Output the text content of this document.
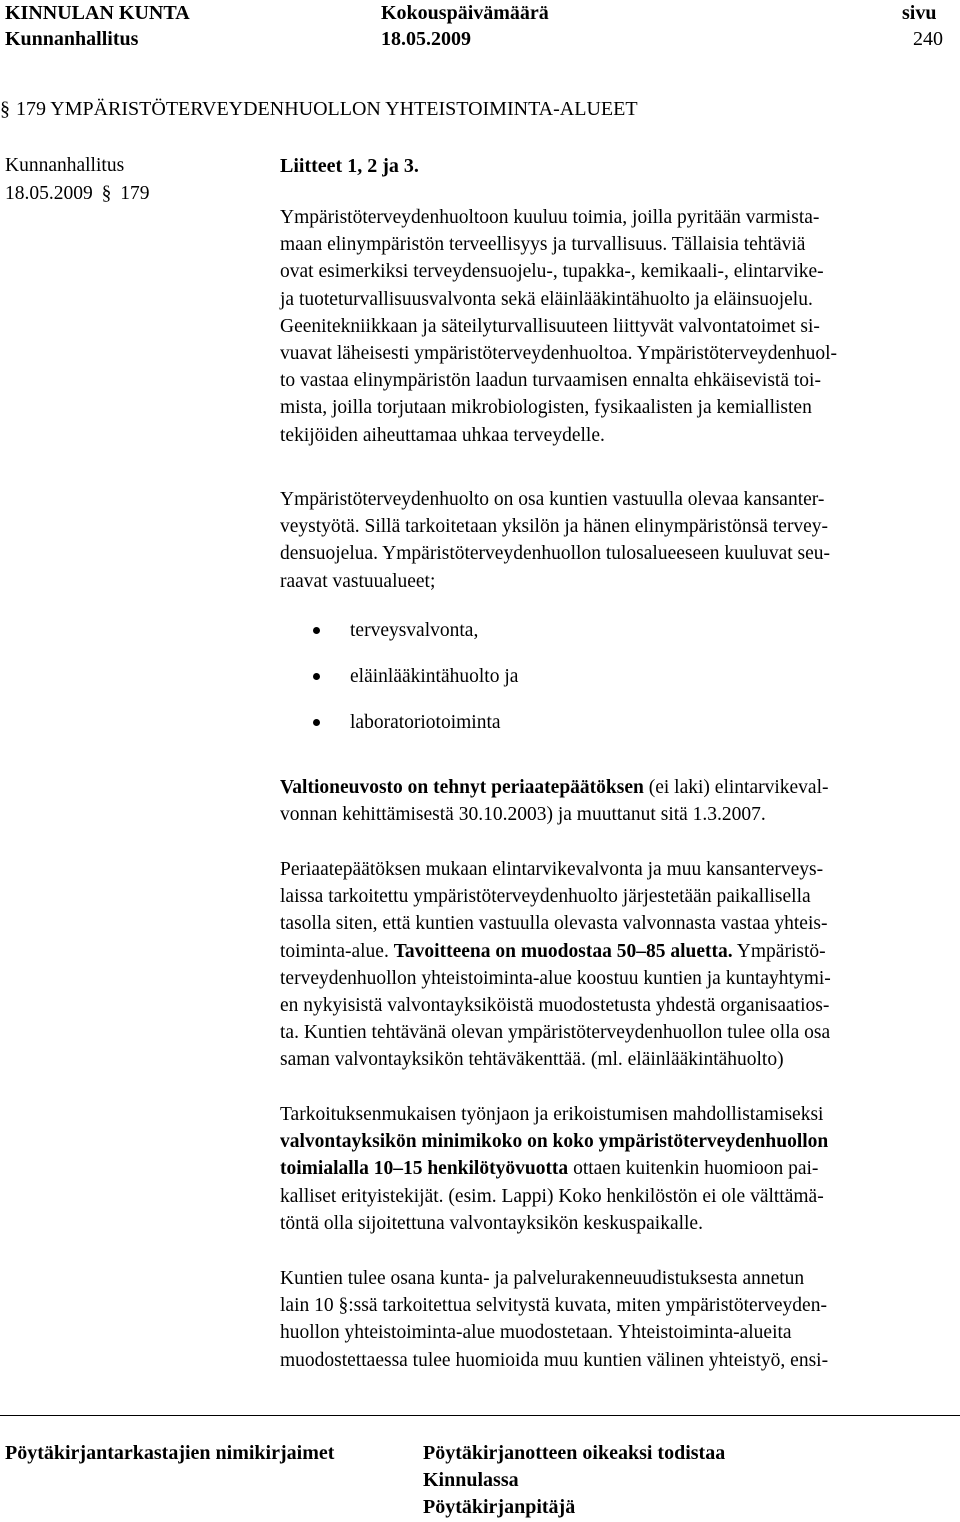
KINNULAN KUNTA
Kunnanhallitus
Kokouspäivämäärä
18.05.2009
sivu
240
§ 179 YMPÄRISTÖTERVEYDENHUOLLON YHTEISTOIMINTA-ALUEET
Kunnanhallitus
18.05.2009 § 179
Liitteet 1, 2 ja 3.
Ympäristöterveydenhuoltoon kuuluu toimia, joilla pyritään varmista-
maan elinympäristön terveellisyys ja turvallisuus. Tällaisia tehtäviä
ovat esimerkiksi terveydensuojelu-, tupakka-, kemikaali-, elintarvike-
ja tuoteturvallisuusvalvonta sekä eläinlääkintähuolto ja eläinsuojelu.
Geenitekniikkaan ja säteilyturvallisuuteen liittyvät valvontatoimet si-
vuavat läheisesti ympäristöterveydenhuoltoa. Ympäristöterveydenhuol-
to vastaa elinympäristön laadun turvaamisen ennalta ehkäisevistä toi-
mista, joilla torjutaan mikrobiologisten, fysikaalisten ja kemiallisten
tekijöiden aiheuttamaa uhkaa terveydelle.
Ympäristöterveydenhuolto on osa kuntien vastuulla olevaa kansanter-
veystyötä. Sillä tarkoitetaan yksilön ja hänen elinympäristönsä tervey-
densuojelua. Ympäristöterveydenhuollon tulosalueeseen kuuluvat seu-
raavat vastuualueet;
terveysvalvonta,
eläinlääkintähuolto ja
laboratoriotoiminta
Valtioneuvosto on tehnyt periaatepäätöksen (ei laki) elintarvikeval-
vonnan kehittämisestä 30.10.2003) ja muuttanut sitä 1.3.2007.
Periaatepäätöksen mukaan elintarvikevalvonta ja muu kansanterveys-
laissa tarkoitettu ympäristöterveydenhuolto järjestetään paikallisella
tasolla siten, että kuntien vastuulla olevasta valvonnasta vastaa yhteis-
toiminta-alue. Tavoitteena on muodostaa 50–85 aluetta. Ympäristö-
terveydenhuollon yhteistoiminta-alue koostuu kuntien ja kuntayhtymi-
en nykyisistä valvontayksiköistä muodostetusta yhdestä organisaatios-
ta. Kuntien tehtävänä olevan ympäristöterveydenhuollon tulee olla osa
saman valvontayksikön tehtäväkenttää. (ml. eläinlääkintähuolto)
Tarkoituksenmukaisen työnjaon ja erikoistumisen mahdollistamiseksi
valvontayksikön minimikoko on koko ympäristöterveydenhuollon
toimialalla 10–15 henkilötyövuotta ottaen kuitenkin huomioon pai-
kalliset erityistekijät. (esim. Lappi) Koko henkilöstön ei ole välttämä-
töntä olla sijoitettuna valvontayksikön keskuspaikalle.
Kuntien tulee osana kunta- ja palvelurakenneuudistuksesta annetun
lain 10 §:ssä tarkoitettua selvitystä kuvata, miten ympäristöterveyden-
huollon yhteistoiminta-alue muodostetaan. Yhteistoiminta-alueita
muodostettaessa tulee huomioida muu kuntien välinen yhteistyö, ensi-
Pöytäkirjantarkastajien nimikirjaimet	Pöytäkirjanotteen oikeaksi todistaa
Kinnulassa
Pöytäkirjanpitäjä
